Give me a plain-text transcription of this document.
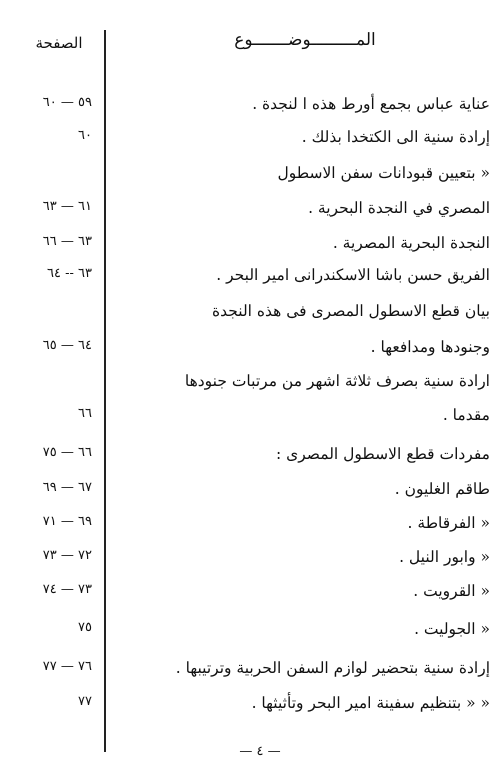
الصفحة	المـــــــــوضـــــــوع
٥٩ — ٦٠	عناية عباس بجمع أورط هذه ا لنجدة .
٦٠	إرادة سنية الى الكتخدا بذلك .
« بتعيين قبودانات سفن الاسطول
٦١ — ٦٣	المصري في النجدة البحرية .
٦٣ — ٦٦	النجدة البحرية المصرية .
٦٣ -- ٦٤	الفريق حسن باشا الاسكندرانى امير البحر .
بيان قطع الاسطول المصرى فى هذه النجدة
٦٤ — ٦٥	وجنودها ومدافعها .
ارادة سنية بصرف ثلاثة اشهر من مرتبات جنودها
٦٦	مقدما .
٦٦ — ٧٥	مفردات قطع الاسطول المصرى :
٦٧ — ٦٩	طاقم الغليون .
٦٩ — ٧١	« الفرقاطة .
٧٢ — ٧٣	« وابور النيل .
٧٣ — ٧٤	« القرويت .
٧٥	« الجوليت .
٧٦ — ٧٧	إرادة سنية بتحضير لوازم السفن الحربية وترتيبها .
٧٧	« « بتنظيم سفينة امير البحر وتأثيثها .
— ٤ —
